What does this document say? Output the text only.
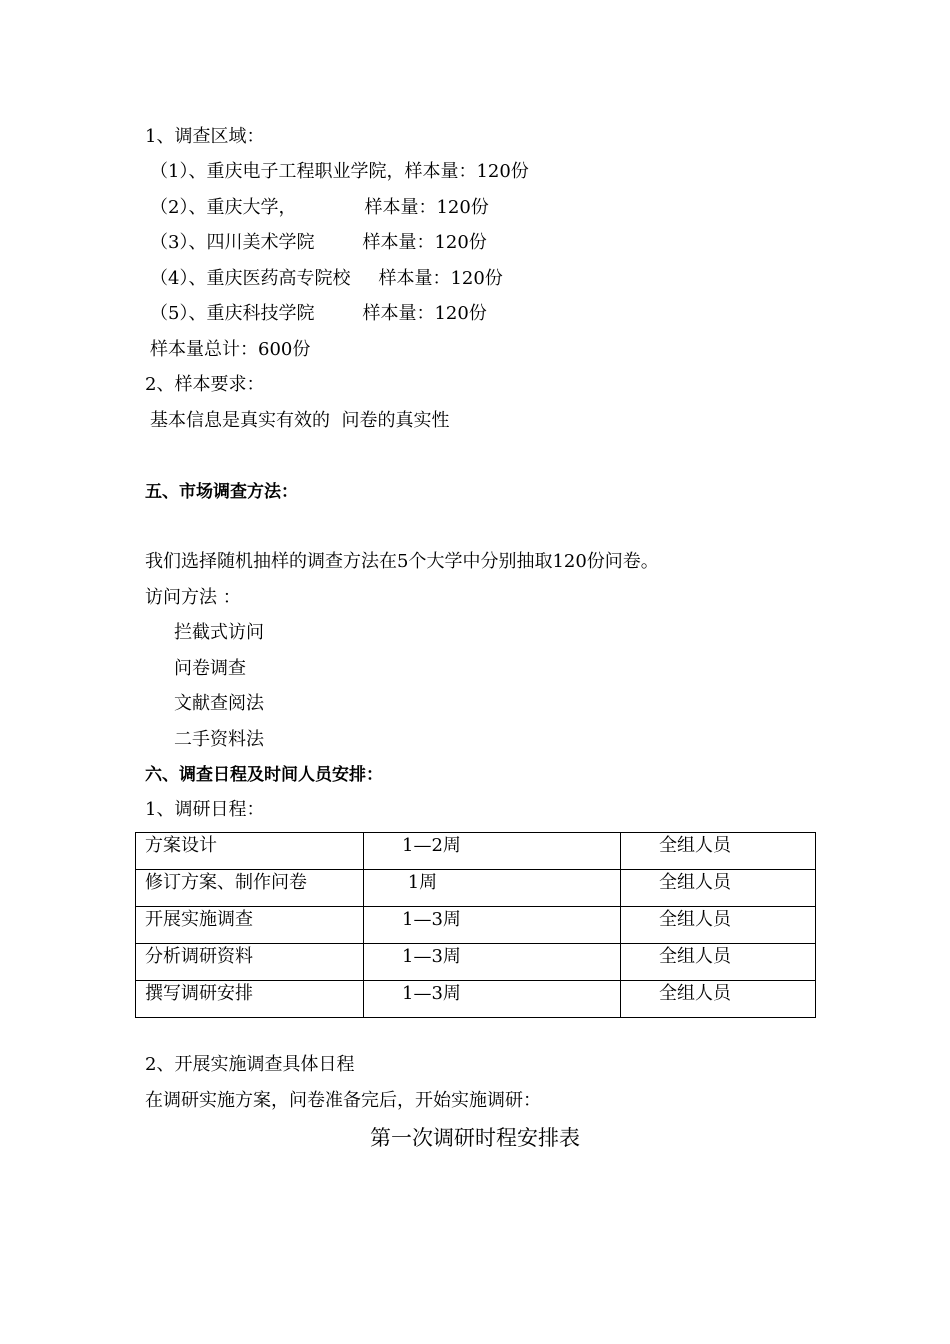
1、调查区域：
（1）、重庆电子工程职业学院，样本量：120份
（2）、重庆大学，	样本量：120份
（3）、四川美术学院	样本量：120份
（4）、重庆医药高专院校 样本量：120份
（5）、重庆科技学院	样本量：120份
样本量总计：600份
2、样本要求：
基本信息是真实有效的  问卷的真实性
五、市场调查方法：
我们选择随机抽样的调查方法在5个大学中分别抽取120份问卷。
访问方法 ：
拦截式访问
问卷调查
文献查阅法
二手资料法
六、调查日程及时间人员安排：
1、调研日程：
方案设计	1—2周	全组人员
修订方案、制作问卷	1周	全组人员
开展实施调查	1—3周	全组人员
分析调研资料	1—3周	全组人员
撰写调研安排	1—3周	全组人员
2、开展实施调查具体日程
在调研实施方案，问卷准备完后，开始实施调研：
第一次调研时程安排表
